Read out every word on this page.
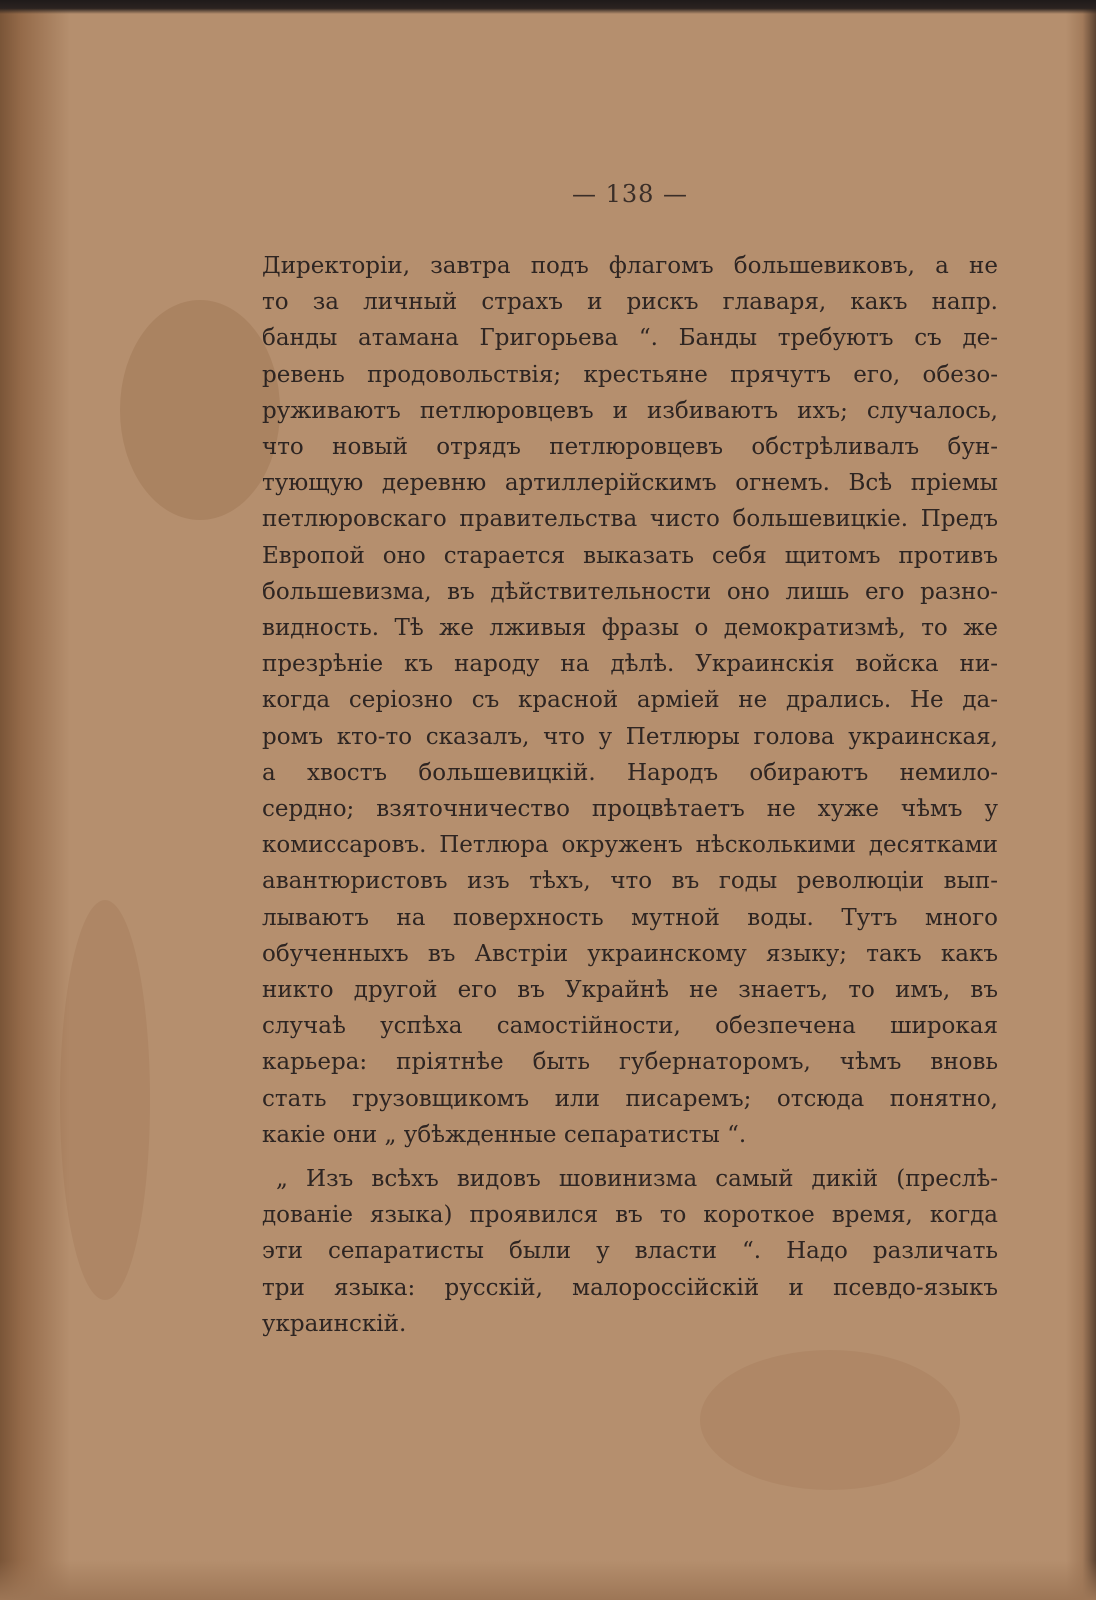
— 138 —
Директоріи, завтра подъ флагомъ большевиковъ, а не
то за личный страхъ и рискъ главаря, какъ напр.
банды атамана Григорьева “. Банды требуютъ съ де-
ревень продовольствія; крестьяне прячутъ его, обезо-
руживаютъ петлюровцевъ и избиваютъ ихъ; случалось,
что новый отрядъ петлюровцевъ обстрѣливалъ бун-
тующую деревню артиллерійскимъ огнемъ. Всѣ пріемы
петлюровскаго правительства чисто большевицкіе. Предъ
Европой оно старается выказать себя щитомъ противъ
большевизма, въ дѣйствительности оно лишь его разно-
видность. Тѣ же лживыя фразы о демократизмѣ, то же
презрѣніе къ народу на дѣлѣ. Украинскія войска ни-
когда серіозно съ красной арміей не дрались. Не да-
ромъ кто-то сказалъ, что у Петлюры голова украинская,
а хвостъ большевицкій. Народъ обираютъ немило-
сердно; взяточничество процвѣтаетъ не хуже чѣмъ у
комиссаровъ. Петлюра окруженъ нѣсколькими десятками
авантюристовъ изъ тѣхъ, что въ годы революціи вып-
лываютъ на поверхность мутной воды. Тутъ много
обученныхъ въ Австріи украинскому языку; такъ какъ
никто другой его въ Украйнѣ не знаетъ, то имъ, въ
случаѣ успѣха самостійности, обезпечена широкая
карьера: пріятнѣе быть губернаторомъ, чѣмъ вновь
стать грузовщикомъ или писаремъ; отсюда понятно,
какіе они „ убѣжденные сепаратисты “.
„ Изъ всѣхъ видовъ шовинизма самый дикій (преслѣ-
дованіе языка) проявился въ то короткое время, когда
эти сепаратисты были у власти “. Надо различать
три языка: русскій, малороссійскій и псевдо-языкъ
украинскій.
